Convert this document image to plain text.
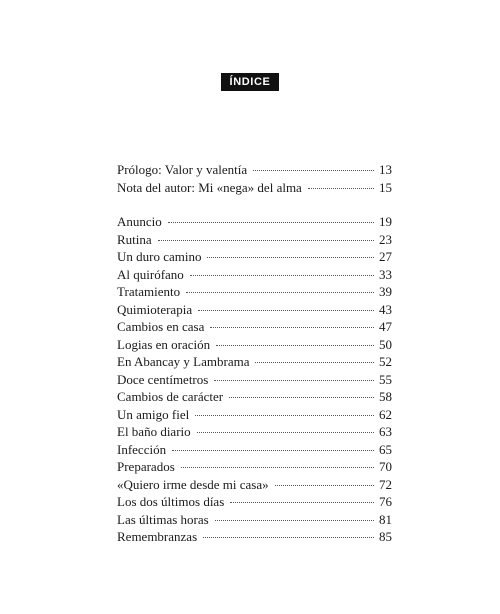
ÍNDICE
Prólogo: Valor y valentía	13
Nota del autor: Mi «nega» del alma	15
Anuncio	19
Rutina	23
Un duro camino	27
Al quirófano	33
Tratamiento	39
Quimioterapia	43
Cambios en casa	47
Logias en oración	50
En Abancay y Lambrama	52
Doce centímetros	55
Cambios de carácter	58
Un amigo fiel	62
El baño diario	63
Infección	65
Preparados	70
«Quiero irme desde mi casa»	72
Los dos últimos días	76
Las últimas horas	81
Remembranzas	85
